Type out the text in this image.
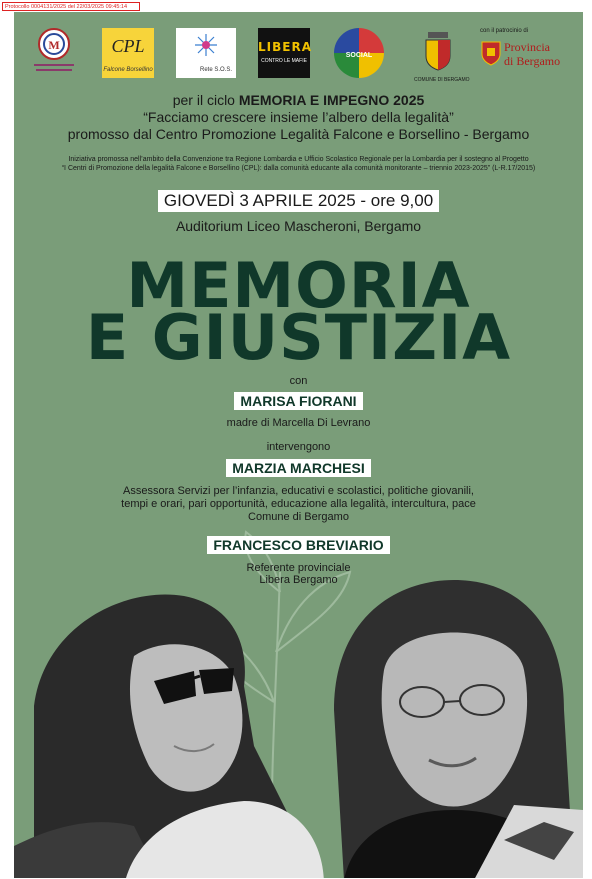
Protocollo 0004131/2025 del 22/03/2025 09:45:14
M	CPL
Falcone Borsellino	Rete S.O.S.
LIBERA
CONTRO LE MAFIE
SOCIAL
COMUNE DI BERGAMO
con il patrocinio di
Provincia
di Bergamo
per il ciclo MEMORIA E IMPEGNO 2025
“Facciamo crescere insieme l’albero della legalità”
promosso dal Centro Promozione Legalità Falcone e Borsellino - Bergamo
Iniziativa promossa nell’ambito della Convenzione tra Regione Lombardia e Ufficio Scolastico Regionale per la Lombardia per il sostegno al Progetto
“I Centri di Promozione della legalità Falcone e Borsellino (CPL): dalla comunità educante alla comunità monitorante – triennio 2023-2025” (L-R.17/2015)
GIOVEDÌ 3 APRILE 2025 - ore 9,00
Auditorium Liceo Mascheroni, Bergamo
MEMORIA
E GIUSTIZIA
con
MARISA FIORANI
madre di Marcella Di Levrano
intervengono
MARZIA MARCHESI
Assessora Servizi per l’infanzia, educativi e scolastici, politiche giovanili,
tempi e orari, pari opportunità, educazione alla legalità, intercultura, pace
Comune di Bergamo
FRANCESCO BREVIARIO
Referente provinciale
Libera Bergamo
